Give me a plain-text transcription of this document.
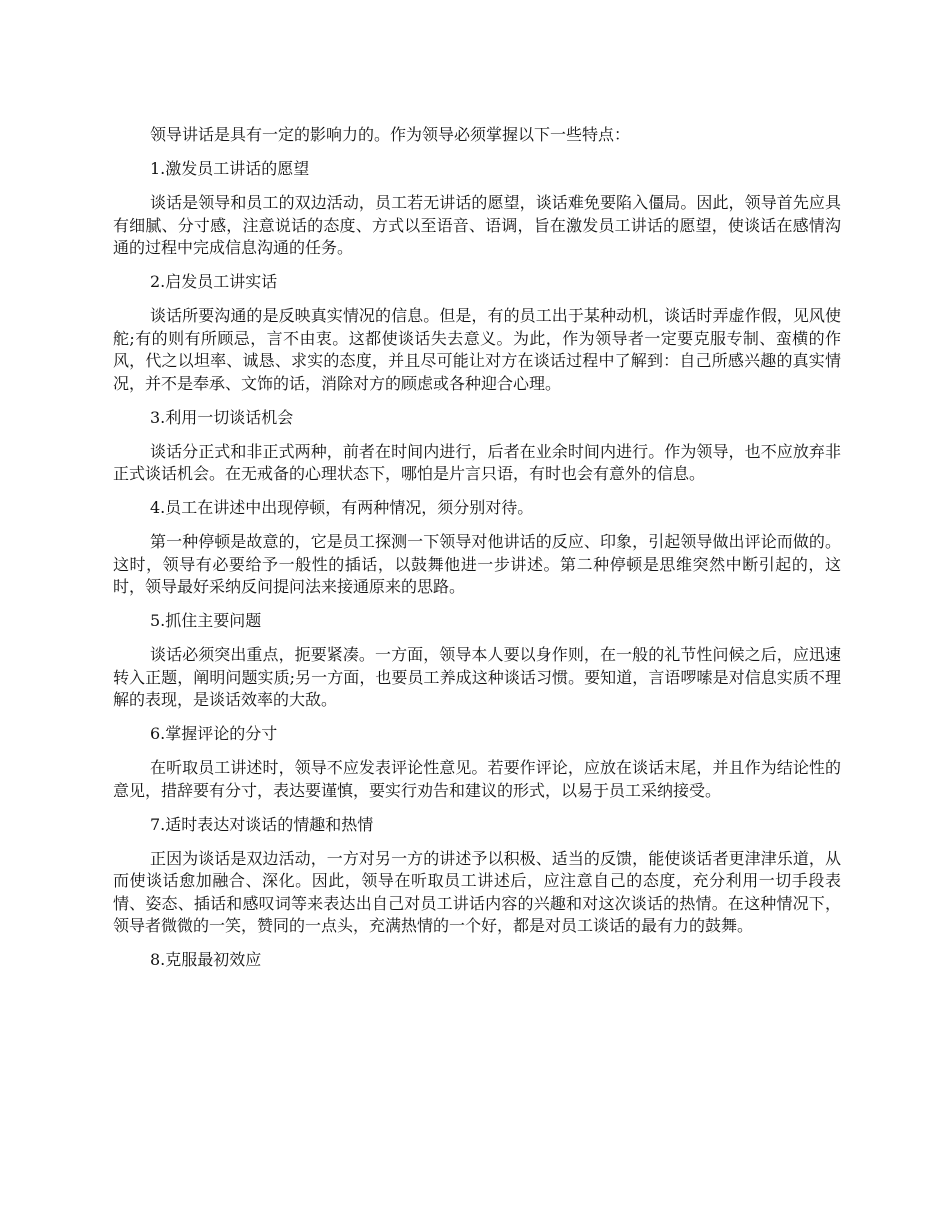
领导讲话是具有一定的影响力的。作为领导必须掌握以下一些特点：

1.激发员工讲话的愿望

谈话是领导和员工的双边活动，员工若无讲话的愿望，谈话难免要陷入僵局。因此，领导首先应具有细腻、分寸感，注意说话的态度、方式以至语音、语调，旨在激发员工讲话的愿望，使谈话在感情沟通的过程中完成信息沟通的任务。

2.启发员工讲实话

谈话所要沟通的是反映真实情况的信息。但是，有的员工出于某种动机，谈话时弄虚作假，见风使舵;有的则有所顾忌，言不由衷。这都使谈话失去意义。为此，作为领导者一定要克服专制、蛮横的作风，代之以坦率、诚恳、求实的态度，并且尽可能让对方在谈话过程中了解到：自己所感兴趣的真实情况，并不是奉承、文饰的话，消除对方的顾虑或各种迎合心理。

3.利用一切谈话机会

谈话分正式和非正式两种，前者在时间内进行，后者在业余时间内进行。作为领导，也不应放弃非正式谈话机会。在无戒备的心理状态下，哪怕是片言只语，有时也会有意外的信息。

4.员工在讲述中出现停顿，有两种情况，须分别对待。

第一种停顿是故意的，它是员工探测一下领导对他讲话的反应、印象，引起领导做出评论而做的。这时，领导有必要给予一般性的插话，以鼓舞他进一步讲述。第二种停顿是思维突然中断引起的，这时，领导最好采纳反问提问法来接通原来的思路。

5.抓住主要问题

谈话必须突出重点，扼要紧凑。一方面，领导本人要以身作则，在一般的礼节性问候之后，应迅速转入正题，阐明问题实质;另一方面，也要员工养成这种谈话习惯。要知道，言语啰嗦是对信息实质不理解的表现，是谈话效率的大敌。

6.掌握评论的分寸

在听取员工讲述时，领导不应发表评论性意见。若要作评论，应放在谈话末尾，并且作为结论性的意见，措辞要有分寸，表达要谨慎，要实行劝告和建议的形式，以易于员工采纳接受。

7.适时表达对谈话的情趣和热情

正因为谈话是双边活动，一方对另一方的讲述予以积极、适当的反馈，能使谈话者更津津乐道，从而使谈话愈加融合、深化。因此，领导在听取员工讲述后，应注意自己的态度，充分利用一切手段表情、姿态、插话和感叹词等来表达出自己对员工讲话内容的兴趣和对这次谈话的热情。在这种情况下，领导者微微的一笑，赞同的一点头，充满热情的一个好，都是对员工谈话的最有力的鼓舞。

8.克服最初效应
